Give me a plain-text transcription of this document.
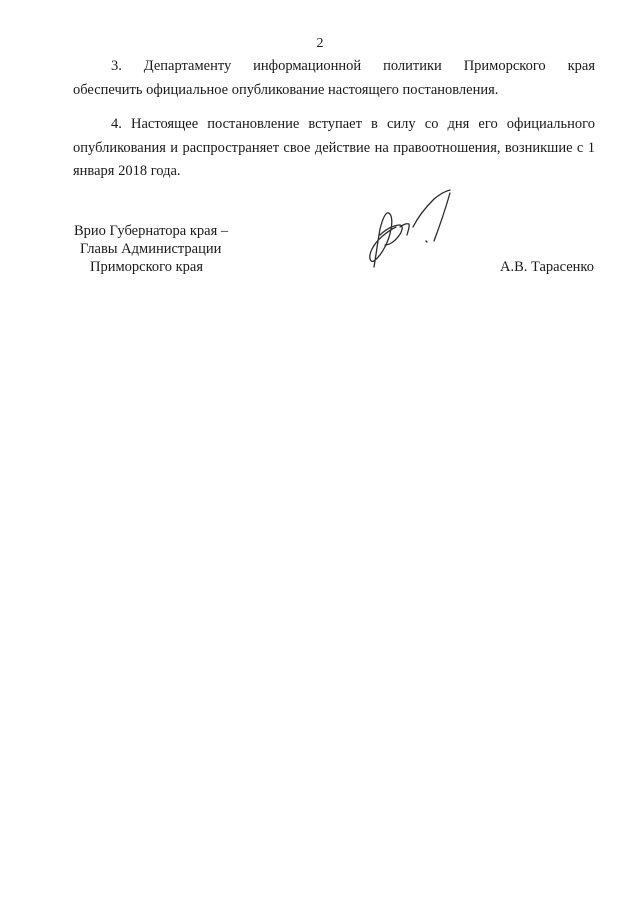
2

3. Департаменту информационной политики Приморского края
обеспечить официальное опубликование настоящего постановления.

4. Настоящее постановление вступает в силу со дня его официального опубликования и распространяет свое действие на правоотношения, возникшие с 1 января 2018 года.

Врио Губернатора края –
Главы Администрации
Приморского края	А.В. Тарасенко
